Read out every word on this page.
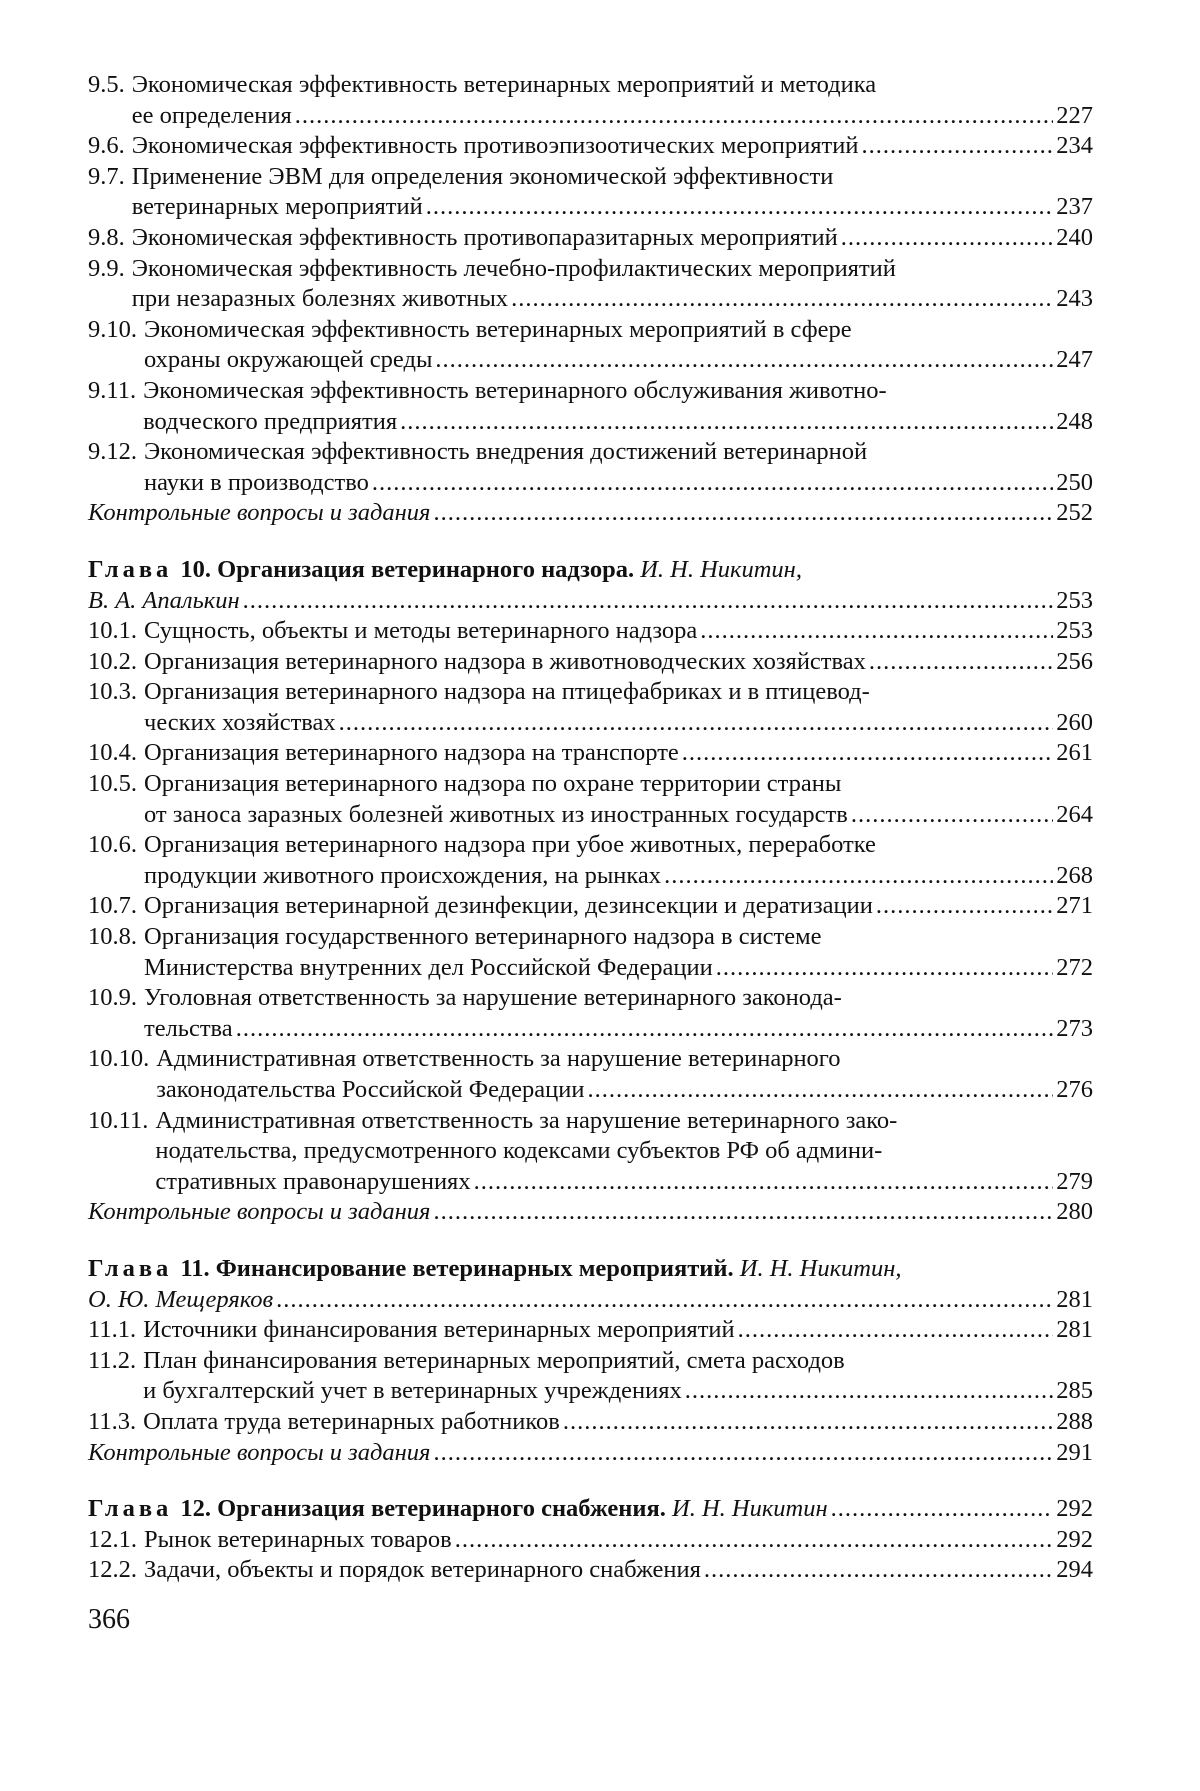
9.5. Экономическая эффективность ветеринарных мероприятий и методика
ее определения .....	227
9.6. Экономическая эффективность противоэпизоотических мероприятий .....	234
9.7. Применение ЭВМ для определения экономической эффективности
ветеринарных мероприятий .....	237
9.8. Экономическая эффективность противопаразитарных мероприятий .....	240
9.9. Экономическая эффективность лечебно-профилактических мероприятий
при незаразных болезнях животных .....	243
9.10. Экономическая эффективность ветеринарных мероприятий в сфере
охраны окружающей среды .....	247
9.11. Экономическая эффективность ветеринарного обслуживания животно-
водческого предприятия .....	248
9.12. Экономическая эффективность внедрения достижений ветеринарной
науки в производство .....	250
Контрольные вопросы и задания .....	252
Глава 10. Организация ветеринарного надзора. И. Н. Никитин,
В. А. Апалькин .....	253
10.1. Сущность, объекты и методы ветеринарного надзора .....	253
10.2. Организация ветеринарного надзора в животноводческих хозяйствах .....	256
10.3. Организация ветеринарного надзора на птицефабриках и в птицевод-
ческих хозяйствах .....	260
10.4. Организация ветеринарного надзора на транспорте .....	261
10.5. Организация ветеринарного надзора по охране территории страны
от заноса заразных болезней животных из иностранных государств .....	264
10.6. Организация ветеринарного надзора при убое животных, переработке
продукции животного происхождения, на рынках .....	268
10.7. Организация ветеринарной дезинфекции, дезинсекции и дератизации .....	271
10.8. Организация государственного ветеринарного надзора в системе
Министерства внутренних дел Российской Федерации .....	272
10.9. Уголовная ответственность за нарушение ветеринарного законода-
тельства .....	273
10.10. Административная ответственность за нарушение ветеринарного
законодательства Российской Федерации .....	276
10.11. Административная ответственность за нарушение ветеринарного зако-
нодательства, предусмотренного кодексами субъектов РФ об админи-
стративных правонарушениях .....	279
Контрольные вопросы и задания .....	280
Глава 11. Финансирование ветеринарных мероприятий. И. Н. Никитин,
О. Ю. Мещеряков .....	281
11.1. Источники финансирования ветеринарных мероприятий .....	281
11.2. План финансирования ветеринарных мероприятий, смета расходов
и бухгалтерский учет в ветеринарных учреждениях .....	285
11.3. Оплата труда ветеринарных работников .....	288
Контрольные вопросы и задания .....	291
Глава 12. Организация ветеринарного снабжения. И. Н. Никитин .....	292
12.1. Рынок ветеринарных товаров .....	292
12.2. Задачи, объекты и порядок ветеринарного снабжения .....	294
366
